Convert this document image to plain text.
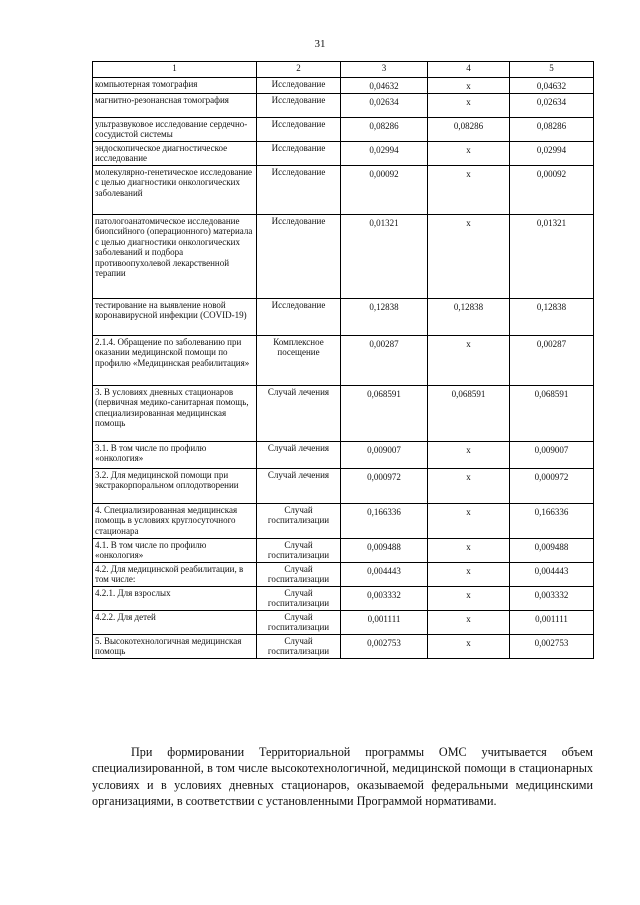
31
1	2	3	4	5
компьютерная томография	Исследование	0,04632	x	0,04632
магнитно-резонансная томография	Исследование	0,02634	x	0,02634
ультразвуковое исследование сердечно-сосудистой системы	Исследование	0,08286	0,08286	0,08286
эндоскопическое диагностическое исследование	Исследование	0,02994	x	0,02994
молекулярно-генетическое исследование с целью диагностики онкологических заболеваний	Исследование	0,00092	x	0,00092
патологоанатомическое исследование биопсийного (операционного) материала с целью диагностики онкологических заболеваний и подбора противоопухолевой лекарственной терапии	Исследование	0,01321	x	0,01321
тестирование на выявление новой коронавирусной инфекции (COVID-19)	Исследование	0,12838	0,12838	0,12838
2.1.4. Обращение по заболеванию при оказании медицинской помощи по профилю «Медицинская реабилитация»	Комплексное посещение	0,00287	x	0,00287
3. В условиях дневных стационаров (первичная медико-санитарная помощь, специализированная медицинская помощь	Случай лечения	0,068591	0,068591	0,068591
3.1. В том числе по профилю «онкология»	Случай лечения	0,009007	x	0,009007
3.2. Для медицинской помощи при экстракорпоральном оплодотворении	Случай лечения	0,000972	x	0,000972
4. Специализированная медицинская помощь в условиях круглосуточного стационара	Случай госпитализации	0,166336	x	0,166336
4.1. В том числе по профилю «онкология»	Случай госпитализации	0,009488	x	0,009488
4.2. Для медицинской реабилитации, в том числе:	Случай госпитализации	0,004443	x	0,004443
4.2.1. Для взрослых	Случай госпитализации	0,003332	x	0,003332
4.2.2. Для детей	Случай госпитализации	0,001111	x	0,001111
5. Высокотехнологичная медицинская помощь	Случай госпитализации	0,002753	x	0,002753

При формировании Территориальной программы ОМС учитывается объем специализированной, в том числе высокотехнологичной, медицинской помощи в стационарных условиях и в условиях дневных стационаров, оказываемой федеральными медицинскими организациями, в соответствии с установленными Программой нормативами.
